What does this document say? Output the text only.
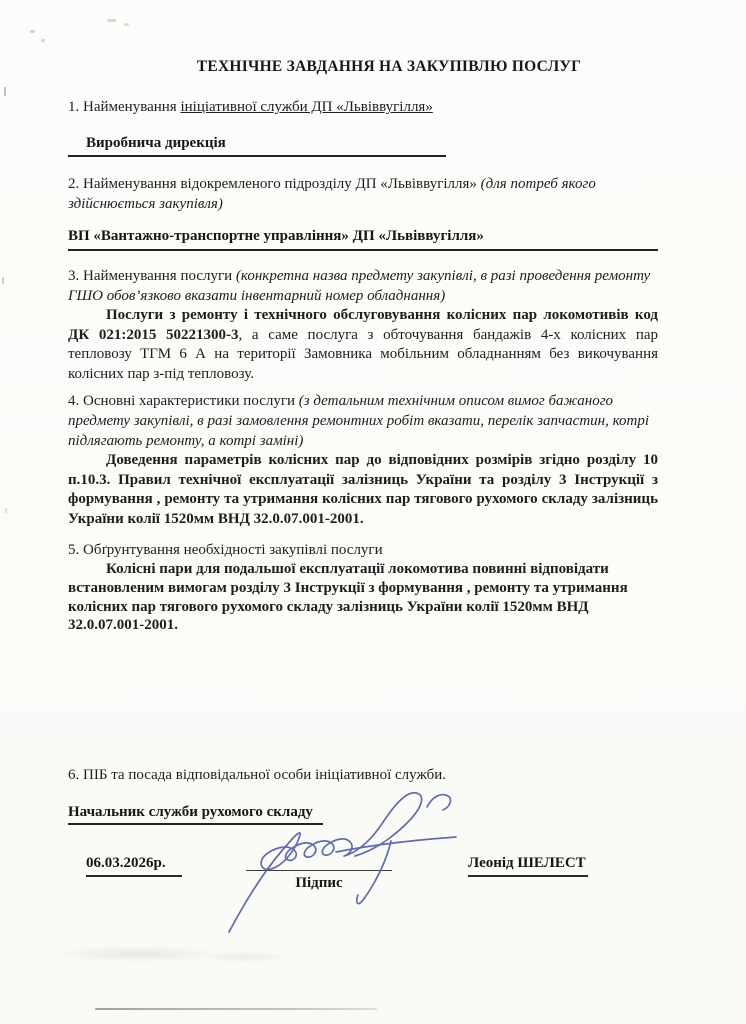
ТЕХНІЧНЕ ЗАВДАННЯ НА ЗАКУПІВЛЮ ПОСЛУГ

1. Найменування ініціативної служби ДП «Львіввугілля»

Виробнича дирекція

2. Найменування відокремленого підрозділу ДП «Львіввугілля» (для потреб якого здійснюється закупівля)

ВП «Вантажно-транспортне управління» ДП «Львіввугілля»

3. Найменування послуги (конкретна назва предмету закупівлі, в разі проведення ремонту ГШО обов’язково вказати інвентарний номер обладнання)

Послуги з ремонту і технічного обслуговування колісних пар локомотивів код ДК 021:2015 50221300-3, а саме послуга з обточування бандажів 4-х колісних пар тепловозу ТГМ 6 А на території Замовника мобільним обладнанням без викочування колісних пар з-під тепловозу.

4. Основні характеристики послуги (з детальним технічним описом вимог бажаного предмету закупівлі, в разі замовлення ремонтних робіт вказати, перелік запчастин, котрі підлягають ремонту, а котрі заміні)

Доведення параметрів колісних пар до відповідних розмірів згідно розділу 10 п.10.3. Правил технічної експлуатації залізниць України та розділу 3 Інструкції з формування , ремонту та утримання колісних пар тягового рухомого складу залізниць України колії 1520мм ВНД 32.0.07.001-2001.

5. Обґрунтування необхідності закупівлі послуги

Колісні пари для подальшої експлуатації локомотива повинні відповідати встановленим вимогам розділу 3 Інструкції з формування , ремонту та утримання колісних пар тягового рухомого складу залізниць України колії 1520мм ВНД 32.0.07.001-2001.

6. ПІБ та посада відповідальної особи ініціативної служби.

Начальник служби рухомого складу

06.03.2026р.
Підпис
Леонід ШЕЛЕСТ
